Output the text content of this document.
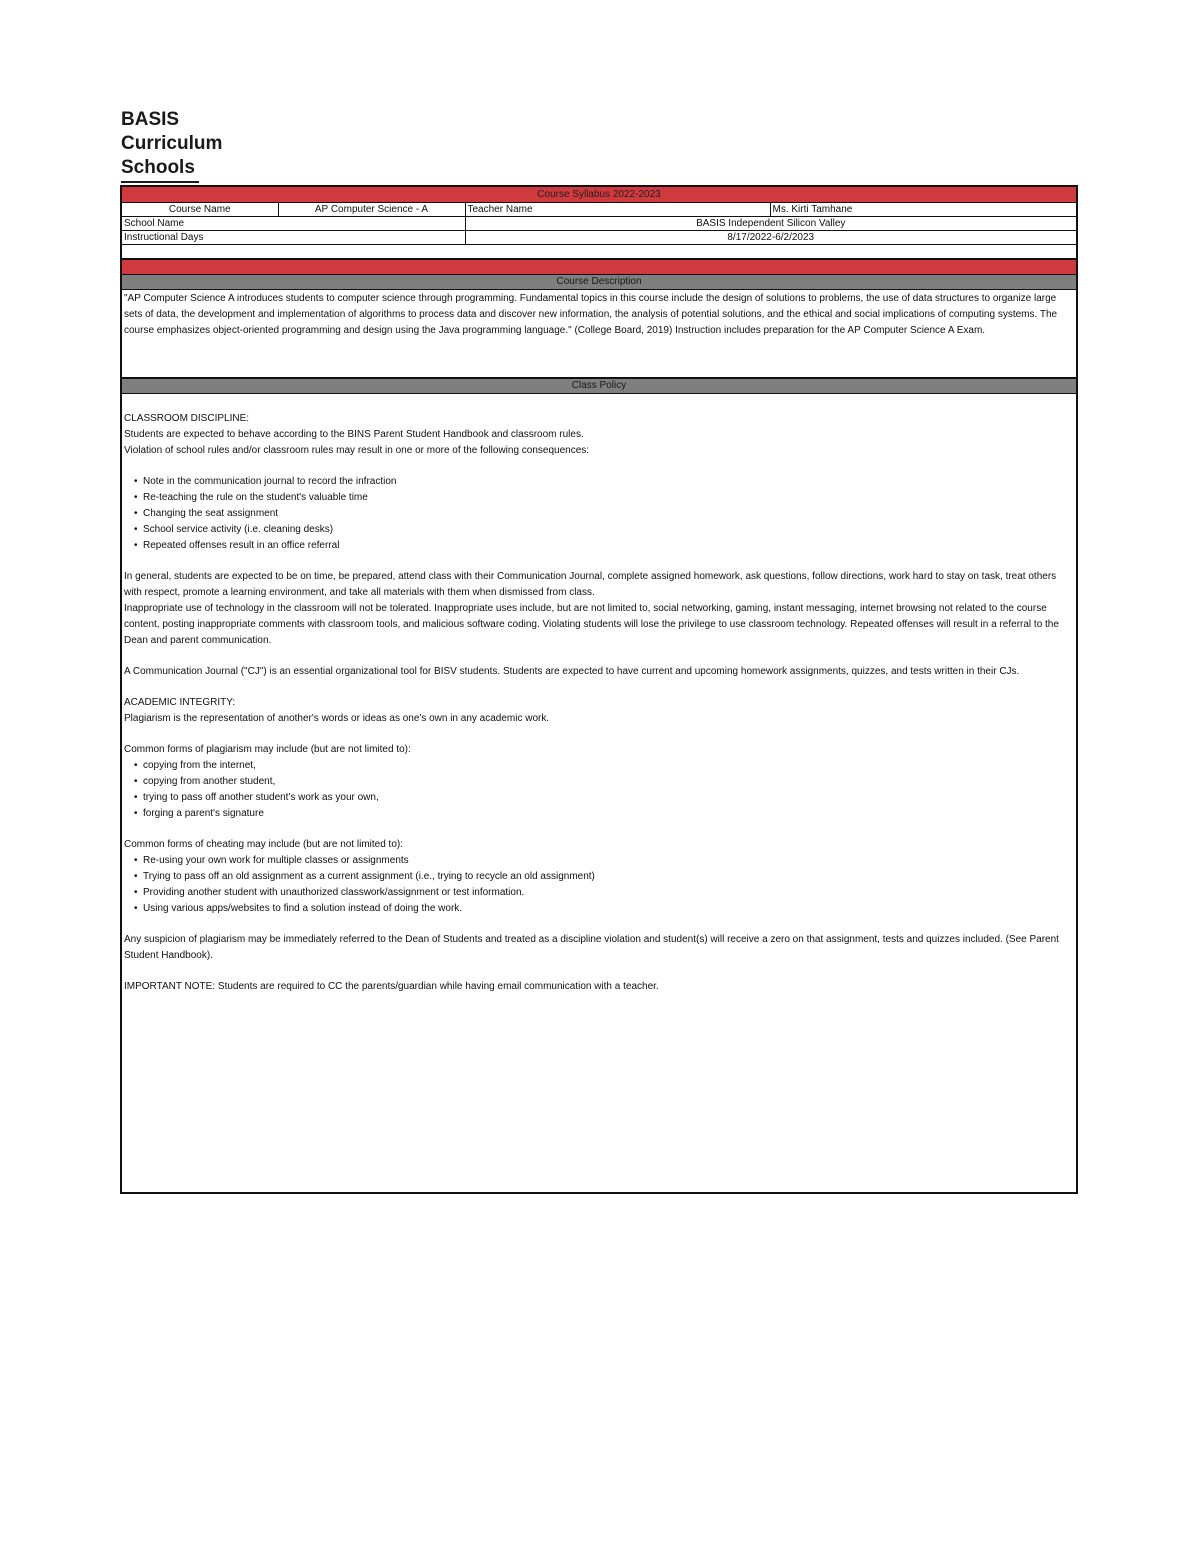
BASIS
Curriculum
Schools
Course Syllabus 2022-2023
Course Name	AP Computer Science - A	Teacher Name	Ms. Kirti Tamhane
School Name		BASIS Independent Silicon Valley	
Instructional Days		8/17/2022-6/2/2023	
Course Description
"AP Computer Science A introduces students to computer science through programming. Fundamental topics in this course include the design of solutions to problems, the use of data structures to organize large sets of data, the development and implementation of algorithms to process data and discover new information, the analysis of potential solutions, and the ethical and social implications of computing systems. The course emphasizes object-oriented programming and design using the Java programming language." (College Board, 2019) Instruction includes preparation for the AP Computer Science A Exam.
Class Policy

CLASSROOM DISCIPLINE:

Students are expected to behave according to the BINS Parent Student Handbook and classroom rules.

Violation of school rules and/or classroom rules may result in one or more of the following consequences:

• Note in the communication journal to record the infraction
• Re-teaching the rule on the student's valuable time
• Changing the seat assignment
• School service activity (i.e. cleaning desks)
• Repeated offenses result in an office referral

In general, students are expected to be on time, be prepared, attend class with their Communication Journal, complete assigned homework, ask questions, follow directions, work hard to stay on task, treat others with respect, promote a learning environment, and take all materials with them when dismissed from class.

Inappropriate use of technology in the classroom will not be tolerated. Inappropriate uses include, but are not limited to, social networking, gaming, instant messaging, internet browsing not related to the course content, posting inappropriate comments with classroom tools, and malicious software coding. Violating students will lose the privilege to use classroom technology. Repeated offenses will result in a referral to the Dean and parent communication.

A Communication Journal ("CJ") is an essential organizational tool for BISV students. Students are expected to have current and upcoming homework assignments, quizzes, and tests written in their CJs.

ACADEMIC INTEGRITY:

Plagiarism is the representation of another's words or ideas as one's own in any academic work.

Common forms of plagiarism may include (but are not limited to):

• copying from the internet,
• copying from another student,
• trying to pass off another student's work as your own,
• forging a parent's signature

Common forms of cheating may include (but are not limited to):

• Re-using your own work for multiple classes or assignments
• Trying to pass off an old assignment as a current assignment (i.e., trying to recycle an old assignment)
• Providing another student with unauthorized classwork/assignment or test information.
• Using various apps/websites to find a solution instead of doing the work.

Any suspicion of plagiarism may be immediately referred to the Dean of Students and treated as a discipline violation and student(s) will receive a zero on that assignment, tests and quizzes included. (See Parent Student Handbook).

IMPORTANT NOTE: Students are required to CC the parents/guardian while having email communication with a teacher.
